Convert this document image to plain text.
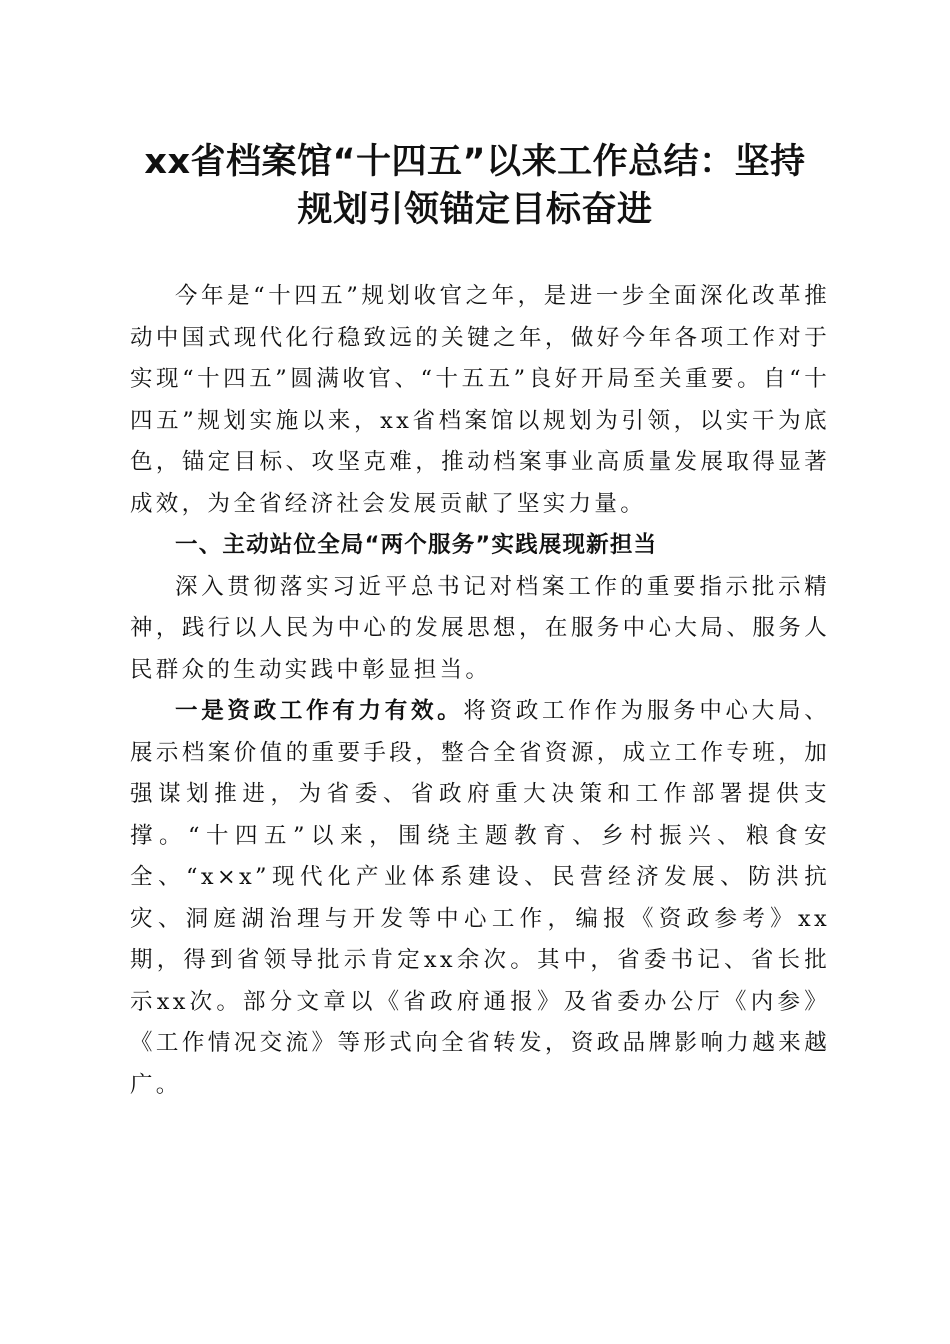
xx省档案馆“十四五”以来工作总结：坚持
规划引领锚定目标奋进

今年是“十四五”规划收官之年，是进一步全面深化改革推动中国式现代化行稳致远的关键之年，做好今年各项工作对于实现“十四五”圆满收官、“十五五”良好开局至关重要。自“十四五”规划实施以来，xx省档案馆以规划为引领，以实干为底色，锚定目标、攻坚克难，推动档案事业高质量发展取得显著成效，为全省经济社会发展贡献了坚实力量。

一、主动站位全局“两个服务”实践展现新担当

深入贯彻落实习近平总书记对档案工作的重要指示批示精神，践行以人民为中心的发展思想，在服务中心大局、服务人民群众的生动实践中彰显担当。

一是资政工作有力有效。将资政工作作为服务中心大局、展示档案价值的重要手段，整合全省资源，成立工作专班，加强谋划推进，为省委、省政府重大决策和工作部署提供支撑。“十四五”以来，围绕主题教育、乡村振兴、粮食安全、“x×x”现代化产业体系建设、民营经济发展、防洪抗灾、洞庭湖治理与开发等中心工作，编报《资政参考》xx期，得到省领导批示肯定xx余次。其中，省委书记、省长批示xx次。部分文章以《省政府通报》及省委办公厅《内参》《工作情况交流》等形式向全省转发，资政品牌影响力越来越广。
